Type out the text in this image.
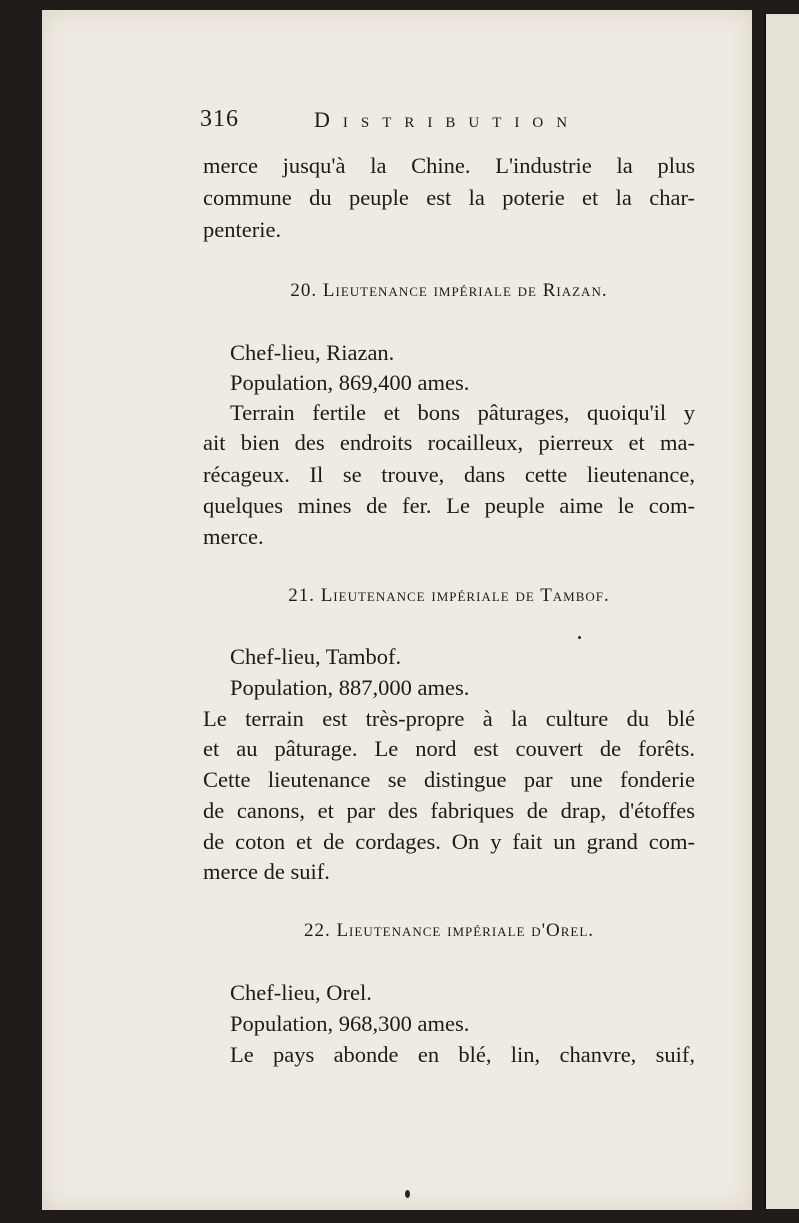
316	Distribution
merce jusqu'à la Chine. L'industrie la plus
commune du peuple est la poterie et la char-
penterie.
20. Lieutenance impériale de Riazan.
Chef-lieu, Riazan.
Population, 869,400 ames.
Terrain fertile et bons pâturages, quoiqu'il y
ait bien des endroits rocailleux, pierreux et ma-
récageux. Il se trouve, dans cette lieutenance,
quelques mines de fer. Le peuple aime le com-
merce.
21. Lieutenance impériale de Tambof.
Chef-lieu, Tambof.
Population, 887,000 ames.
Le terrain est très-propre à la culture du blé
et au pâturage. Le nord est couvert de forêts.
Cette lieutenance se distingue par une fonderie
de canons, et par des fabriques de drap, d'étoffes
de coton et de cordages. On y fait un grand com-
merce de suif.
22. Lieutenance impériale d'Orel.
Chef-lieu, Orel.
Population, 968,300 ames.
Le pays abonde en blé, lin, chanvre, suif,
